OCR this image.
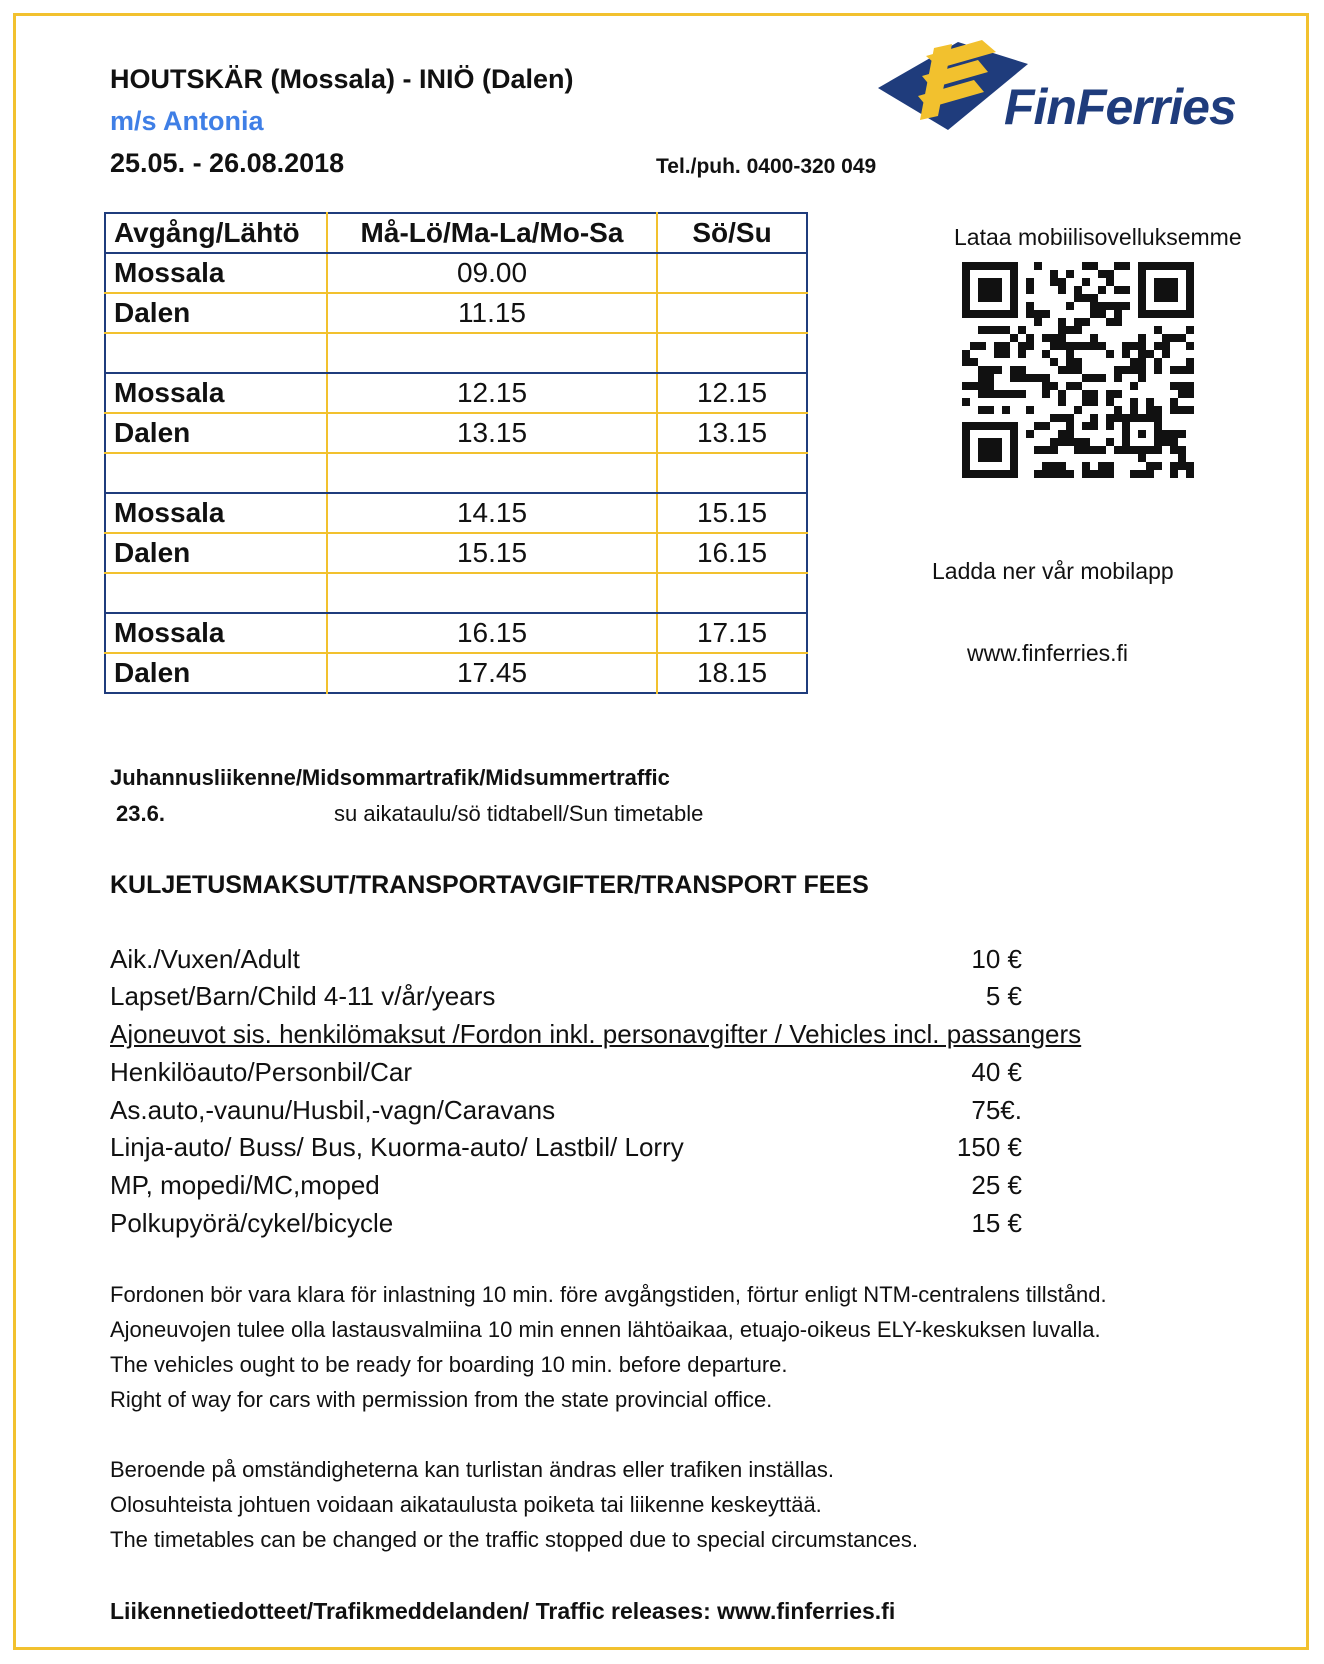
HOUTSKÄR (Mossala) - INIÖ (Dalen)
m/s Antonia
25.05. - 26.08.2018	Tel./puh. 0400-320 049
FinFerries
Avgång/Lähtö	Må-Lö/Ma-La/Mo-Sa	Sö/Su
Mossala	09.00	
Dalen	11.15	

Mossala	12.15	12.15
Dalen	13.15	13.15

Mossala	14.15	15.15
Dalen	15.15	16.15

Mossala	16.15	17.15
Dalen	17.45	18.15
Lataa mobiilisovelluksemme
Ladda ner vår mobilapp
www.finferries.fi
Juhannusliikenne/Midsommartrafik/Midsummertraffic
23.6.	su aikataulu/sö tidtabell/Sun timetable
KULJETUSMAKSUT/TRANSPORTAVGIFTER/TRANSPORT FEES
Aik./Vuxen/Adult	10 €
Lapset/Barn/Child 4-11 v/år/years	5 €
Ajoneuvot sis. henkilömaksut /Fordon inkl. personavgifter / Vehicles incl. passangers
Henkilöauto/Personbil/Car	40 €
As.auto,-vaunu/Husbil,-vagn/Caravans	75€.
Linja-auto/ Buss/ Bus, Kuorma-auto/ Lastbil/ Lorry	150 €
MP, mopedi/MC,moped	25 €
Polkupyörä/cykel/bicycle	15 €
Fordonen bör vara klara för inlastning 10 min. före avgångstiden, förtur enligt NTM-centralens tillstånd.
Ajoneuvojen tulee olla lastausvalmiina 10 min ennen lähtöaikaa, etuajo-oikeus ELY-keskuksen luvalla.
The vehicles ought to be ready for boarding 10 min. before departure.
Right of way for cars with permission from the state provincial office.
Beroende på omständigheterna kan turlistan ändras eller trafiken inställas.
Olosuhteista johtuen voidaan aikataulusta poiketa tai liikenne keskeyttää.
The timetables can be changed or the traffic stopped due to special circumstances.
Liikennetiedotteet/Trafikmeddelanden/ Traffic releases: www.finferries.fi
